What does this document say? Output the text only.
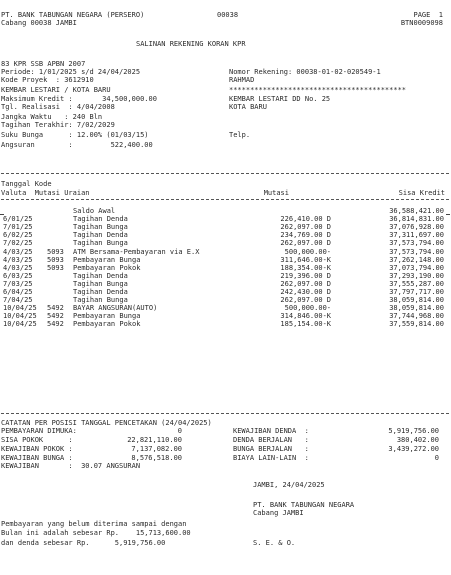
PT. BANK TABUNGAN NEGARA (PERSERO)	00038	PAGE  1
Cabang 00038 JAMBI	BTN0009098
SALINAN REKENING KORAN KPR
83 KPR SSB APBN 2007
Periode: 1/01/2025 s/d 24/04/2025
Kode Proyek  : 3612910
KEMBAR LESTARI / KOTA BARU
Maksimum Kredit :       34,500,000.00
Tgl. Realisasi  : 4/04/2008
Jangka Waktu   : 240 Bln
Tagihan Terakhir: 7/02/2029
Suku Bunga      : 12.00% (01/03/15)
Angsuran        :         522,400.00
Nomor Rekening: 00038-01-02-020549-1
RAHMAD
******************************************
KEMBAR LESTARI DD No. 25
KOTA BARU
Telp.
Tanggal Kode
Valuta  Mutasi Uraian	Mutasi	Sisa Kredit
Saldo Awal	36,588,421.00
6/01/25	Tagihan Denda	226,410.00 D	36,814,831.00
7/01/25	Tagihan Bunga	262,097.00 D	37,076,928.00
6/02/25	Tagihan Denda	234,769.00 D	37,311,697.00
7/02/25	Tagihan Bunga	262,097.00 D	37,573,794.00
4/03/25 5093 ATM Bersama-Pembayaran via E.X	500,000.00-	37,573,794.00
4/03/25 5093 Pembayaran Bunga	311,646.00-K	37,262,148.00
4/03/25 5093 Pembayaran Pokok	188,354.00-K	37,073,794.00
6/03/25	Tagihan Denda	219,396.00 D	37,293,190.00
7/03/25	Tagihan Bunga	262,097.00 D	37,555,287.00
6/04/25	Tagihan Denda	242,430.00 D	37,797,717.00
7/04/25	Tagihan Bunga	262,097.00 D	38,059,814.00
10/04/25 5492 BAYAR ANGSURAN(AUTO)	500,000.00-	38,059,814.00
10/04/25 5492 Pembayaran Bunga	314,846.00-K	37,744,968.00
10/04/25 5492 Pembayaran Pokok	185,154.00-K	37,559,814.00
CATATAN PER POSISI TANGGAL PENCETAKAN (24/04/2025)
PEMBAYARAN DIMUKA:	0
SISA POKOK      :	22,821,110.00
KEWAJIBAN POKOK :	7,137,082.00
KEWAJIBAN BUNGA :	8,576,518.00
KEWAJIBAN DENDA  :	5,919,756.00
DENDA BERJALAN   :	380,402.00
BUNGA BERJALAN   :	3,439,272.00
BIAYA LAIN-LAIN  :	0
KEWAJIBAN       :  30.07 ANGSURAN
JAMBI, 24/04/2025
PT. BANK TABUNGAN NEGARA
Cabang JAMBI
Pembayaran yang belum diterima sampai dengan
Bulan ini adalah sebesar Rp.    15,713,600.00
dan denda sebesar Rp.      5,919,756.00	S. E. & O.
